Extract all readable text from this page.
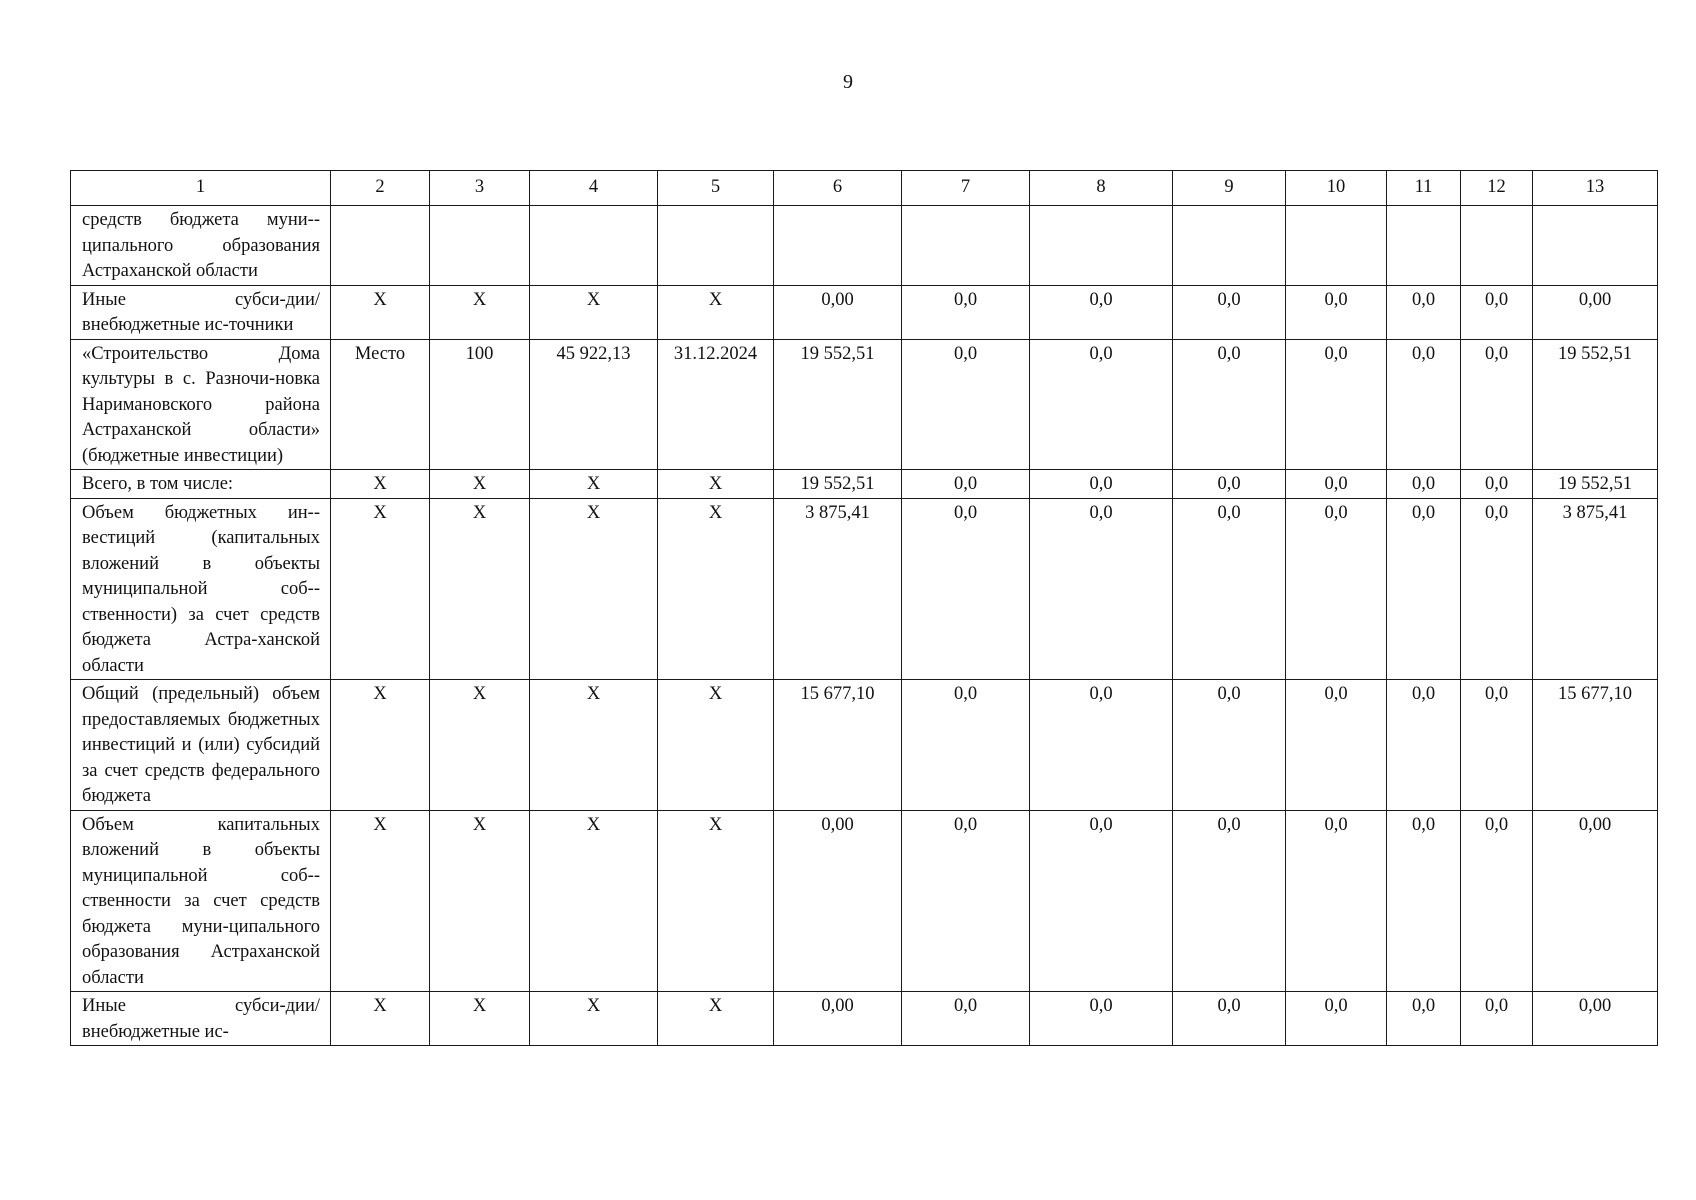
9
1	2	3	4	5	6	7	8	9	10	11	12	13
средств бюджета муни-ципального образования Астраханской области												
Иные субси-дии/внебюджетные ис-точники	Х	Х	Х	Х	0,00	0,0	0,0	0,0	0,0	0,0	0,0	0,00
«Строительство Дома культуры в с. Разночи-новка Наримановского района Астраханской области» (бюджетные инвестиции)	Место	100	45 922,13	31.12.2024	19 552,51	0,0	0,0	0,0	0,0	0,0	0,0	19 552,51
Всего, в том числе:	Х	Х	Х	Х	19 552,51	0,0	0,0	0,0	0,0	0,0	0,0	19 552,51
Объем бюджетных ин-вестиций (капитальных вложений в объекты муниципальной соб-ственности) за счет средств бюджета Астра-ханской области	Х	Х	Х	Х	3 875,41	0,0	0,0	0,0	0,0	0,0	0,0	3 875,41
Общий (предельный) объем предоставляемых бюджетных инвестиций и (или) субсидий за счет средств федерального бюджета	Х	Х	Х	Х	15 677,10	0,0	0,0	0,0	0,0	0,0	0,0	15 677,10
Объем капитальных вложений в объекты муниципальной соб-ственности за счет средств бюджета муни-ципального образования Астраханской области	Х	Х	Х	Х	0,00	0,0	0,0	0,0	0,0	0,0	0,0	0,00
Иные субси-дии/внебюджетные ис-	Х	Х	Х	Х	0,00	0,0	0,0	0,0	0,0	0,0	0,0	0,00
